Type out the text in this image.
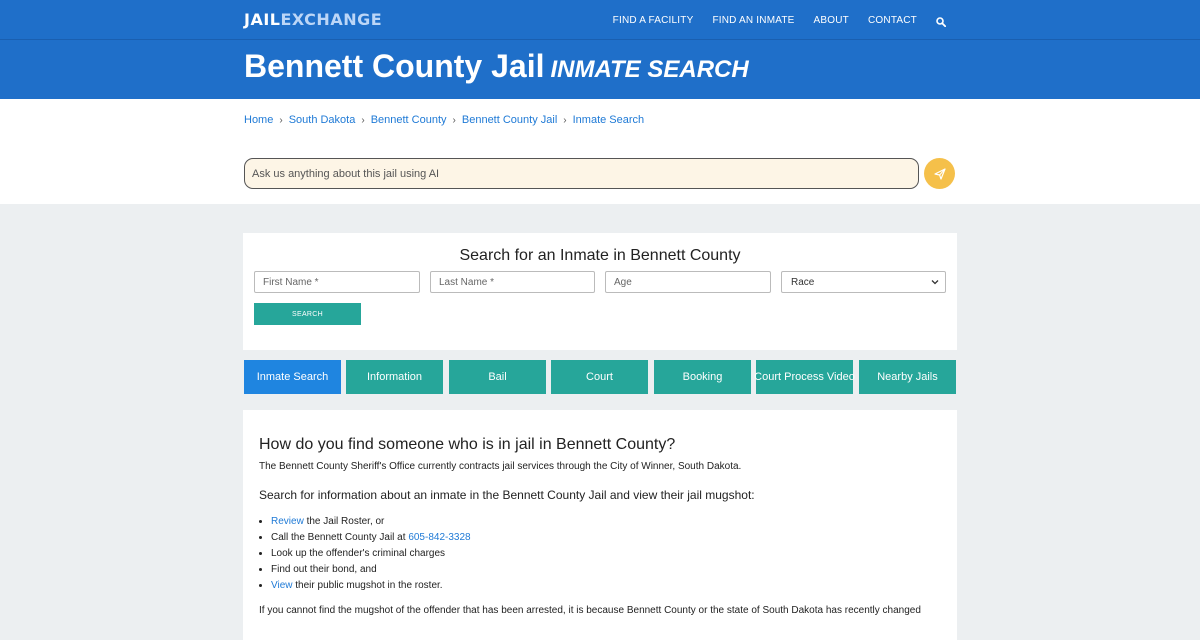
JAILEXCHANGE	FIND A FACILITY FIND AN INMATE ABOUT CONTACT
Bennett County Jail INMATE SEARCH
Home › South Dakota › Bennett County › Bennett County Jail › Inmate Search
Ask us anything about this jail using AI
Search for an Inmate in Bennett County
First Name *
Last Name *
Age
Race
SEARCH
Inmate Search	Information	Bail	Court	Booking	Court Process Video	Nearby Jails
How do you find someone who is in jail in Bennett County?

The Bennett County Sheriff's Office currently contracts jail services through the City of Winner, South Dakota.

Search for information about an inmate in the Bennett County Jail and view their jail mugshot:
• Review the Jail Roster, or
• Call the Bennett County Jail at 605-842-3328
• Look up the offender's criminal charges
• Find out their bond, and
• View their public mugshot in the roster.

If you cannot find the mugshot of the offender that has been arrested, it is because Bennett County or the state of South Dakota has recently changed
